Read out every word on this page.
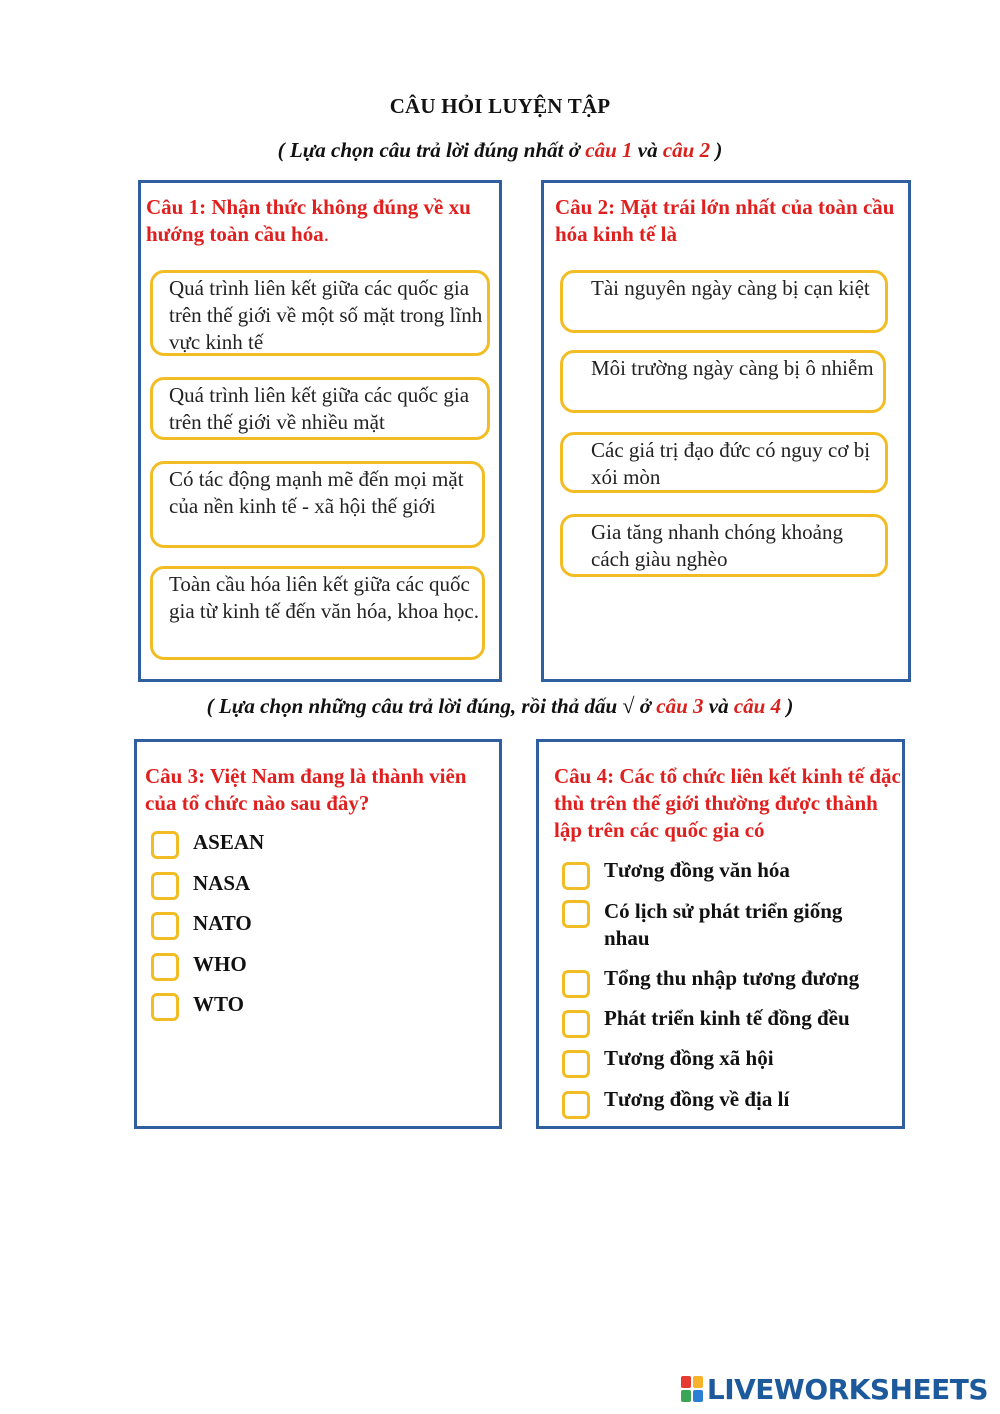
CÂU HỎI LUYỆN TẬP
( Lựa chọn câu trả lời đúng nhất ở câu 1 và câu 2 )
Câu 1: Nhận thức không đúng về xu hướng toàn cầu hóa.
Quá trình liên kết giữa các quốc gia trên thế giới về một số mặt trong lĩnh vực kinh tế
Quá trình liên kết giữa các quốc gia trên thế giới về nhiều mặt
Có tác động mạnh mẽ đến mọi mặt của nền kinh tế - xã hội thế giới
Toàn cầu hóa liên kết giữa các quốc gia từ kinh tế đến văn hóa, khoa học.
Câu 2: Mặt trái lớn nhất của toàn cầu hóa kinh tế là
Tài nguyên ngày càng bị cạn kiệt
Môi trường ngày càng bị ô nhiễm
Các giá trị đạo đức có nguy cơ bị xói mòn
Gia tăng nhanh chóng khoảng cách giàu nghèo
( Lựa chọn những câu trả lời đúng, rồi thả dấu √ ở câu 3 và câu 4 )
Câu 3: Việt Nam đang là thành viên của tổ chức nào sau đây?
ASEAN
NASA
NATO
WHO
WTO
Câu 4: Các tổ chức liên kết kinh tế đặc thù trên thế giới thường được thành lập trên các quốc gia có
Tương đồng văn hóa
Có lịch sử phát triển giống nhau
Tổng thu nhập tương đương
Phát triển kinh tế đồng đều
Tương đồng xã hội
Tương đồng về địa lí
LIVEWORKSHEETS
